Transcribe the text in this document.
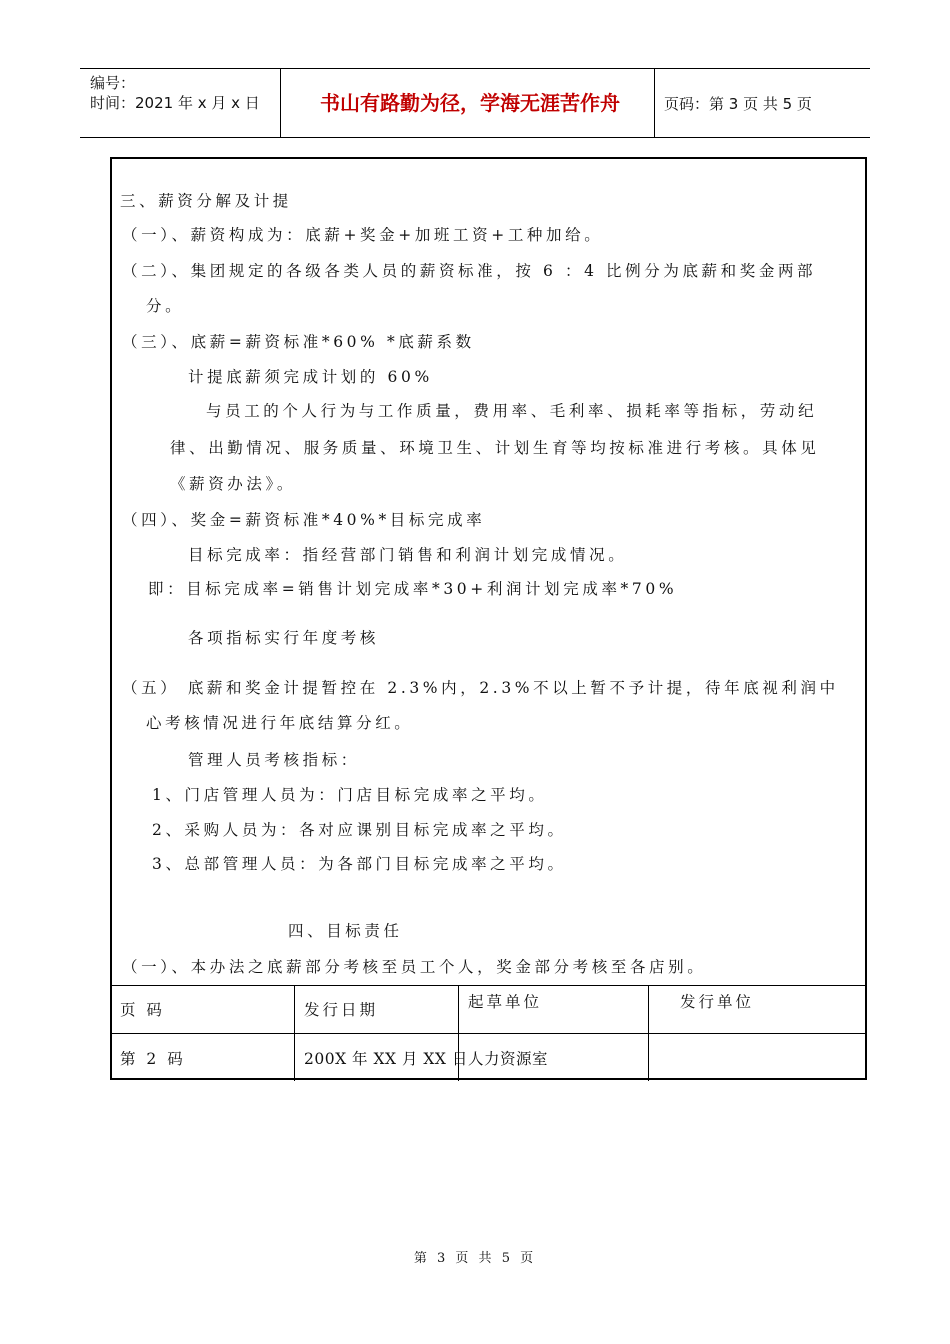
编号：
时间：2021 年 x 月 x 日	书山有路勤为径，学海无涯苦作舟	页码：第 3 页 共 5 页
三、薪资分解及计提
（一）、薪资构成为：底薪+奖金+加班工资+工种加给。
（二）、集团规定的各级各类人员的薪资标准，按 6 ：4 比例分为底薪和奖金两部
分。
（三）、底薪=薪资标准*60% *底薪系数
计提底薪须完成计划的 60%
与员工的个人行为与工作质量，费用率、毛利率、损耗率等指标，劳动纪
律、出勤情况、服务质量、环境卫生、计划生育等均按标准进行考核。具体见
《薪资办法》。
（四）、奖金=薪资标准*40%*目标完成率
目标完成率：指经营部门销售和利润计划完成情况。
即：目标完成率=销售计划完成率*30+利润计划完成率*70%
各项指标实行年度考核
（五） 底薪和奖金计提暂控在 2.3%内，2.3%不以上暂不予计提，待年底视利润中
心考核情况进行年底结算分红。
管理人员考核指标：
1、门店管理人员为：门店目标完成率之平均。
2、采购人员为：各对应课别目标完成率之平均。
3、总部管理人员：为各部门目标完成率之平均。
四、目标责任
（一）、本办法之底薪部分考核至员工个人，奖金部分考核至各店别。
页 码	发行日期	起草单位	发行单位
第 2 码	200X 年 XX 月 XX 日 人力资源室
第 3 页 共 5 页
